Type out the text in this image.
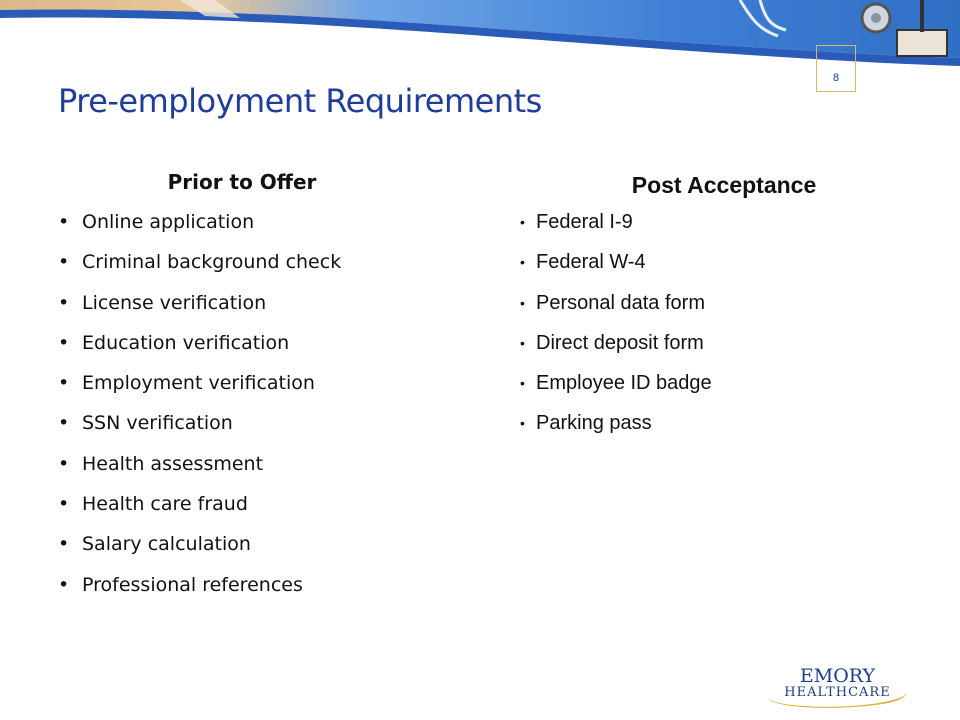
8
Pre-employment Requirements
Prior to Offer
• Online application
• Criminal background check
• License verification
• Education verification
• Employment verification
• SSN verification
• Health assessment
• Health care fraud
• Salary calculation
• Professional references
Post Acceptance
• Federal I-9
• Federal W-4
• Personal data form
• Direct deposit form
• Employee ID badge
• Parking pass
EMORY
HEALTHCARE
